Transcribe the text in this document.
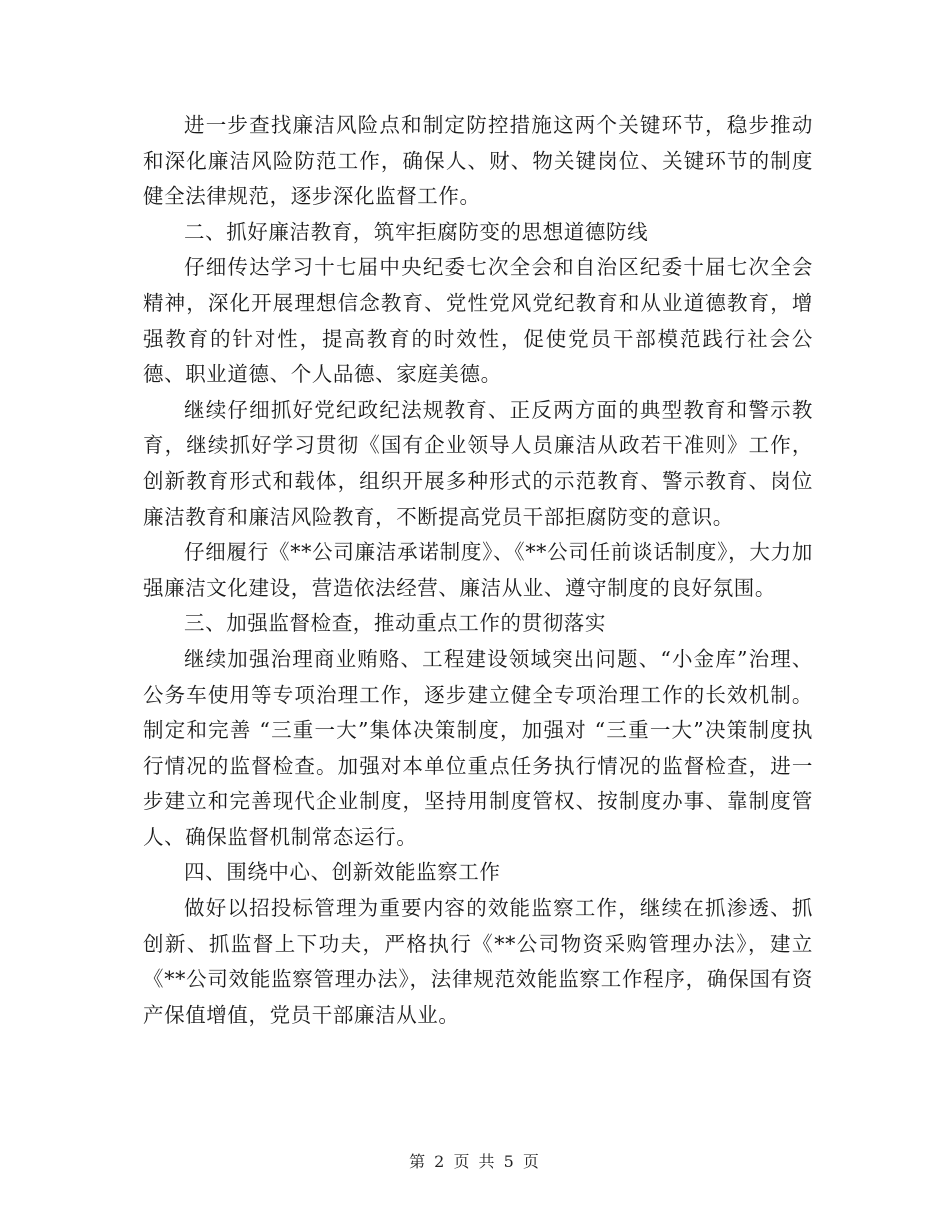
进一步查找廉洁风险点和制定防控措施这两个关键环节，稳步推动和深化廉洁风险防范工作，确保人、财、物关键岗位、关键环节的制度健全法律规范，逐步深化监督工作。

二、抓好廉洁教育，筑牢拒腐防变的思想道德防线

仔细传达学习十七届中央纪委七次全会和自治区纪委十届七次全会精神，深化开展理想信念教育、党性党风党纪教育和从业道德教育，增强教育的针对性，提高教育的时效性，促使党员干部模范践行社会公德、职业道德、个人品德、家庭美德。

继续仔细抓好党纪政纪法规教育、正反两方面的典型教育和警示教育，继续抓好学习贯彻《国有企业领导人员廉洁从政若干准则》工作，创新教育形式和载体，组织开展多种形式的示范教育、警示教育、岗位廉洁教育和廉洁风险教育，不断提高党员干部拒腐防变的意识。

仔细履行《**公司廉洁承诺制度》、《**公司任前谈话制度》，大力加强廉洁文化建设，营造依法经营、廉洁从业、遵守制度的良好氛围。

三、加强监督检查，推动重点工作的贯彻落实

继续加强治理商业贿赂、工程建设领域突出问题、“小金库”治理、公务车使用等专项治理工作，逐步建立健全专项治理工作的长效机制。制定和完善 “三重一大”集体决策制度，加强对 “三重一大”决策制度执行情况的监督检查。加强对本单位重点任务执行情况的监督检查，进一步建立和完善现代企业制度，坚持用制度管权、按制度办事、靠制度管人、确保监督机制常态运行。

四、围绕中心、创新效能监察工作

做好以招投标管理为重要内容的效能监察工作，继续在抓渗透、抓创新、抓监督上下功夫，严格执行《**公司物资采购管理办法》，建立《**公司效能监察管理办法》，法律规范效能监察工作程序，确保国有资产保值增值，党员干部廉洁从业。

第 2 页 共 5 页
